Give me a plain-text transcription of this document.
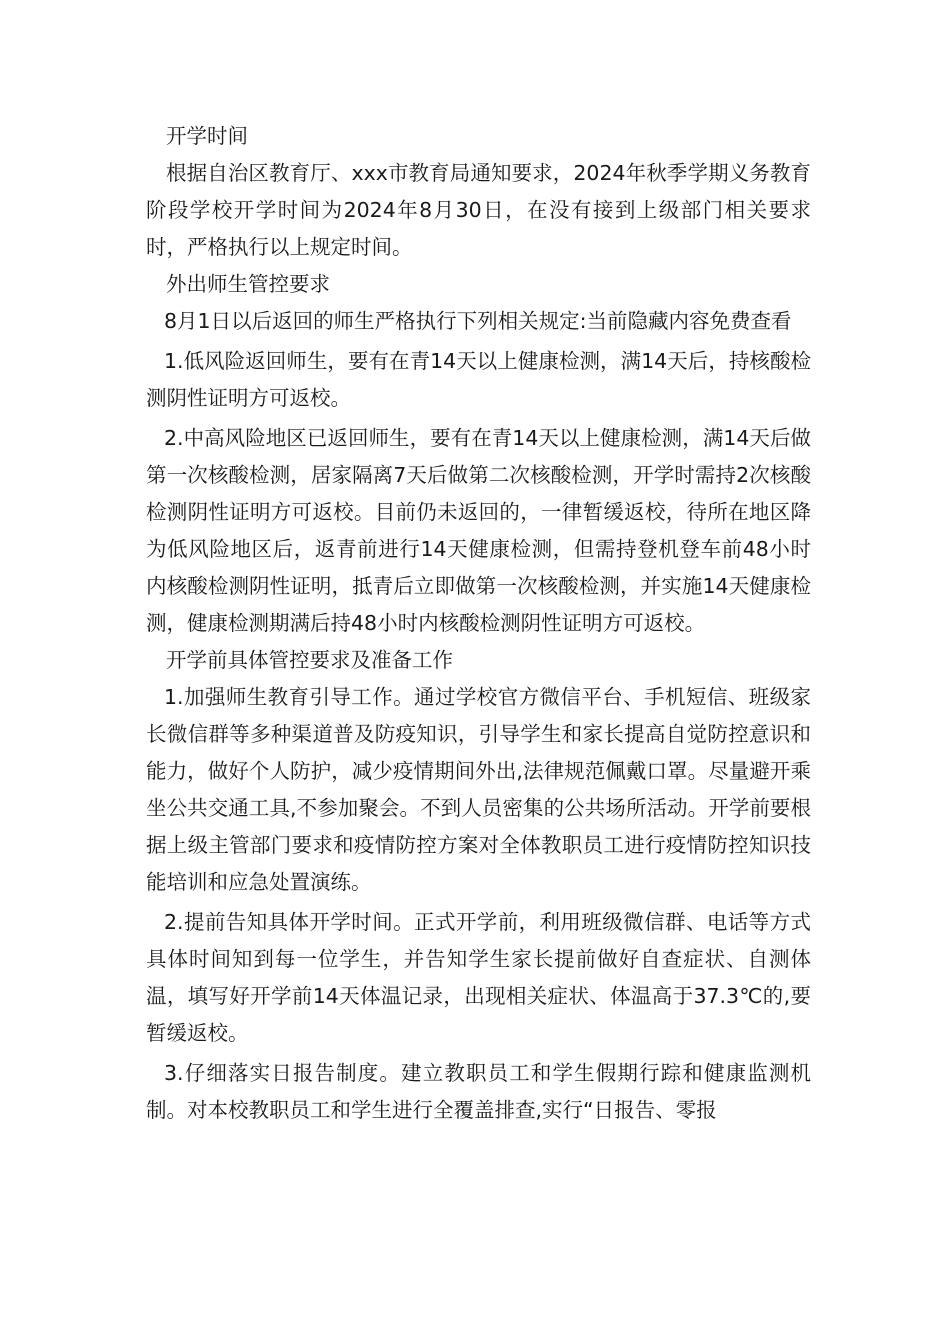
开学时间

根据自治区教育厅、xxx市教育局通知要求，2024年秋季学期义务教育阶段学校开学时间为2024年8月30日，在没有接到上级部门相关要求时，严格执行以上规定时间。

外出师生管控要求

8月1日以后返回的师生严格执行下列相关规定:当前隐藏内容免费查看

1.低风险返回师生，要有在青14天以上健康检测，满14天后，持核酸检测阴性证明方可返校。

2.中高风险地区已返回师生，要有在青14天以上健康检测，满14天后做第一次核酸检测，居家隔离7天后做第二次核酸检测，开学时需持2次核酸检测阴性证明方可返校。目前仍未返回的，一律暂缓返校，待所在地区降为低风险地区后，返青前进行14天健康检测，但需持登机登车前48小时内核酸检测阴性证明，抵青后立即做第一次核酸检测，并实施14天健康检测，健康检测期满后持48小时内核酸检测阴性证明方可返校。

开学前具体管控要求及准备工作

1.加强师生教育引导工作。通过学校官方微信平台、手机短信、班级家长微信群等多种渠道普及防疫知识，引导学生和家长提高自觉防控意识和能力，做好个人防护，减少疫情期间外出,法律规范佩戴口罩。尽量避开乘坐公共交通工具,不参加聚会。不到人员密集的公共场所活动。开学前要根据上级主管部门要求和疫情防控方案对全体教职员工进行疫情防控知识技能培训和应急处置演练。

2.提前告知具体开学时间。正式开学前，利用班级微信群、电话等方式具体时间知到每一位学生，并告知学生家长提前做好自查症状、自测体温，填写好开学前14天体温记录，出现相关症状、体温高于37.3℃的,要暂缓返校。

3.仔细落实日报告制度。建立教职员工和学生假期行踪和健康监测机制。对本校教职员工和学生进行全覆盖排查,实行“日报告、零报
